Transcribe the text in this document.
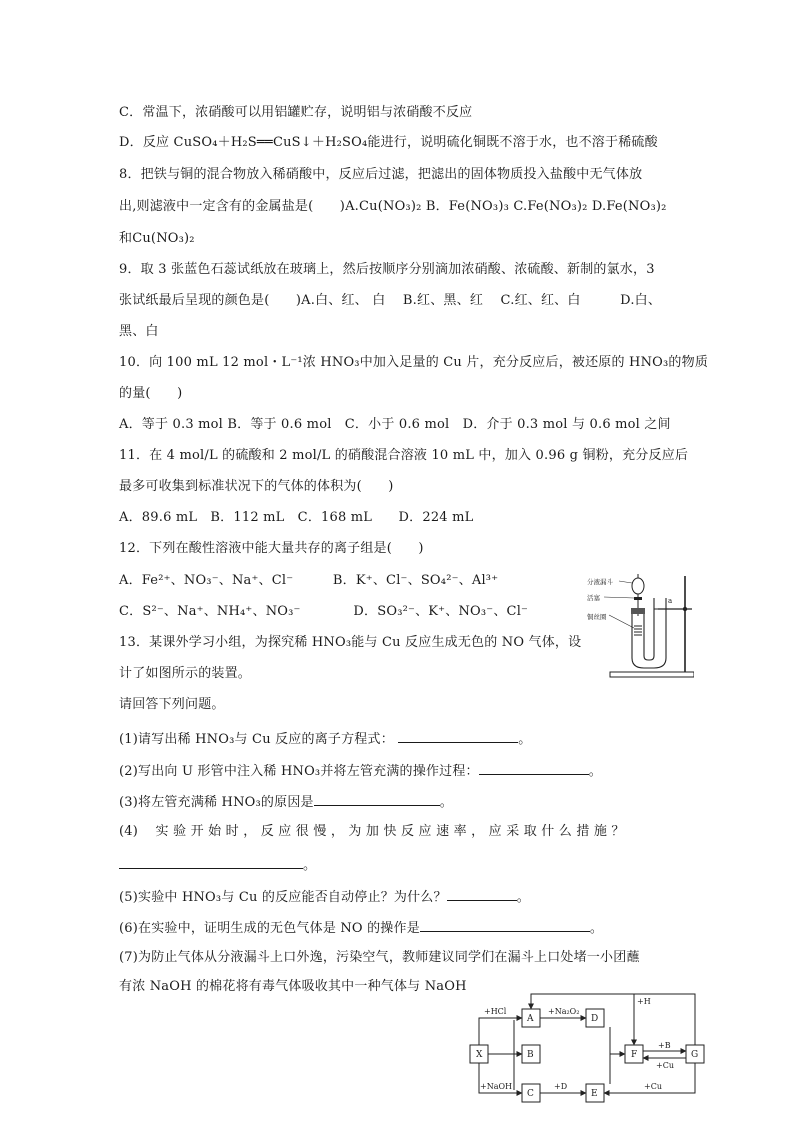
C．常温下，浓硝酸可以用铝罐贮存，说明铝与浓硝酸不反应
D．反应 CuSO₄＋H₂S══CuS↓＋H₂SO₄能进行，说明硫化铜既不溶于水，也不溶于稀硫酸
8．把铁与铜的混合物放入稀硝酸中，反应后过滤，把滤出的固体物质投入盐酸中无气体放
出,则滤液中一定含有的金属盐是(　　)A.Cu(NO₃)₂ B．Fe(NO₃)₃ C.Fe(NO₃)₂ D.Fe(NO₃)₂
和Cu(NO₃)₂
9．取 3 张蓝色石蕊试纸放在玻璃上，然后按顺序分别滴加浓硝酸、浓硫酸、新制的氯水，3
张试纸最后呈现的颜色是(　　)A.白、红、 白　 B.红、黑、红　 C.红、红、白　　　D.白、
黑、白
10．向 100 mL 12 mol・L⁻¹浓 HNO₃中加入足量的 Cu 片，充分反应后，被还原的 HNO₃的物质
的量(　　)
A．等于 0.3 mol B．等于 0.6 mol　C．小于 0.6 mol　D．介于 0.3 mol 与 0.6 mol 之间
11．在 4 mol/L 的硫酸和 2 mol/L 的硝酸混合溶液 10 mL 中，加入 0.96 g 铜粉，充分反应后
最多可收集到标准状况下的气体的体积为(　　)
A．89.6 mL　B．112 mL　C．168 mL　　D．224 mL
12．下列在酸性溶液中能大量共存的离子组是(　　)
A．Fe²⁺、NO₃⁻、Na⁺、Cl⁻　　　B．K⁺、Cl⁻、SO₄²⁻、Al³⁺
C．S²⁻、Na⁺、NH₄⁺、NO₃⁻　　　　D．SO₃²⁻、K⁺、NO₃⁻、Cl⁻
13．某课外学习小组，为探究稀 HNO₃能与 Cu 反应生成无色的 NO 气体，设
计了如图所示的装置。
请回答下列问题。
(1)请写出稀 HNO₃与 Cu 反应的离子方程式：	。
(2)写出向 U 形管中注入稀 HNO₃并将左管充满的操作过程：	。
(3)将左管充满稀 HNO₃的原因是	。
(4)　 实 验 开 始 时 ， 反 应 很 慢 ， 为 加 快 反 应 速 率 ， 应 采 取 什 么 措 施 ？
。
(5)实验中 HNO₃与 Cu 的反应能否自动停止？为什么？	。
(6)在实验中，证明生成的无色气体是 NO 的操作是	。
(7)为防止气体从分液漏斗上口外逸，污染空气，教师建议同学们在漏斗上口处堵一小团蘸
有浓 NaOH 的棉花将有毒气体吸收其中一种气体与 NaOH
分液漏斗
活塞
铜丝圈
a
X
A
B
C
D
E
F	G
+HCl
+NaOH
+Na₂O₂
+D
+H
+B
+Cu
+Cu
